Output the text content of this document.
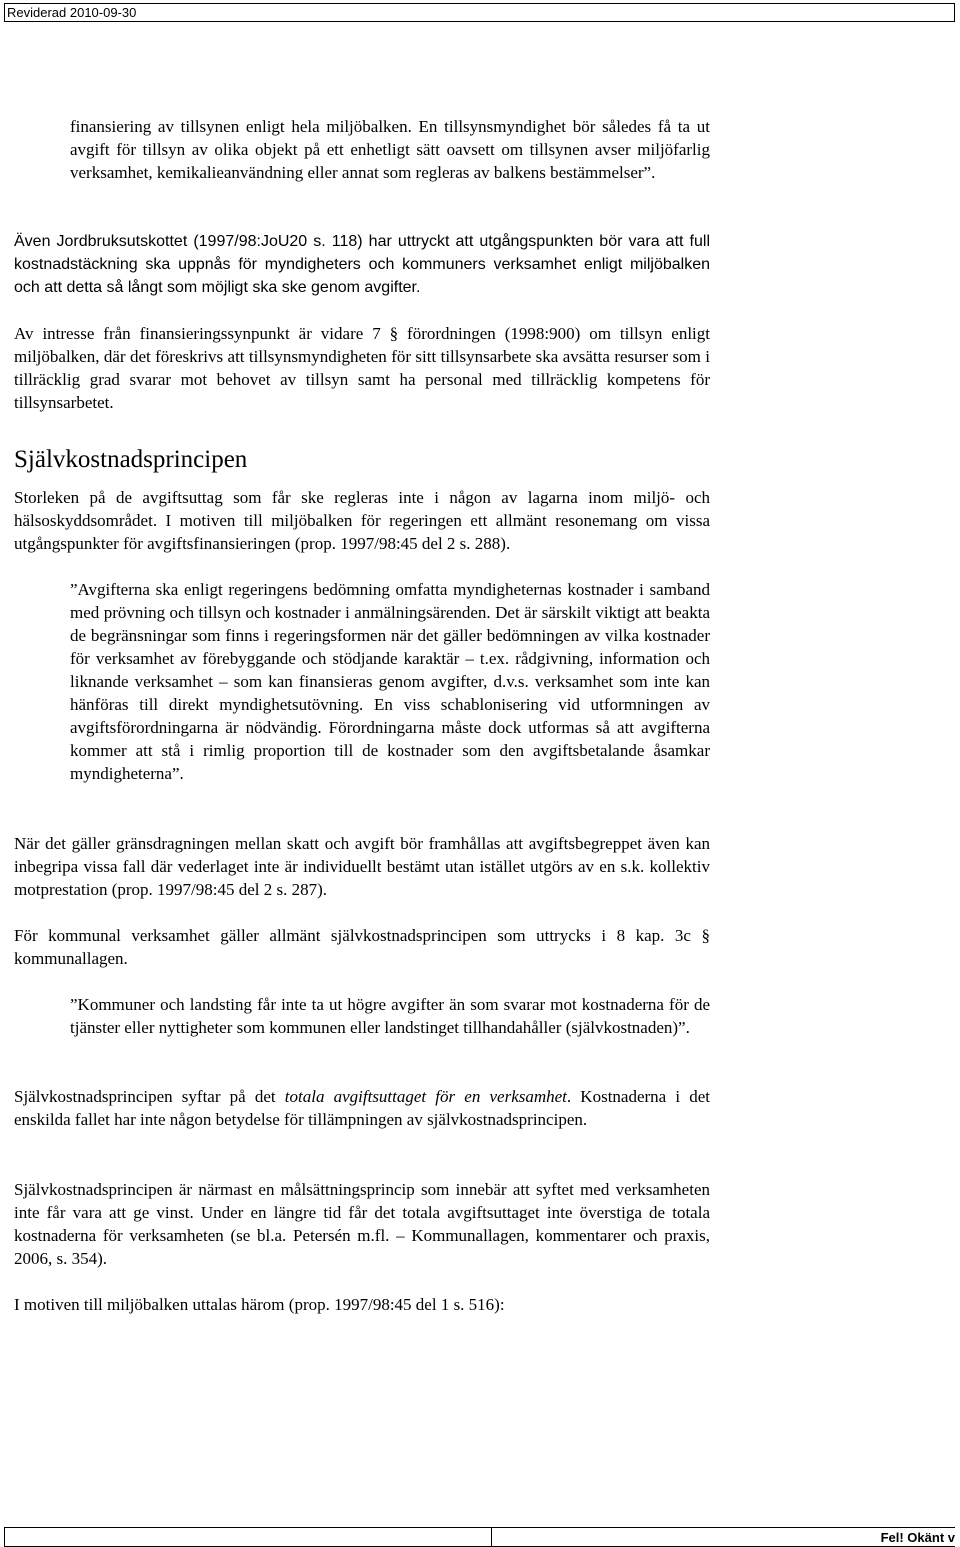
Reviderad 2010-09-30

finansiering av tillsynen enligt hela miljöbalken. En tillsynsmyndighet bör således få ta ut avgift för tillsyn av olika objekt på ett enhetligt sätt oavsett om tillsynen avser miljöfarlig verksamhet, kemikalieanvändning eller annat som regleras av balkens bestämmelser”.

Även Jordbruksutskottet (1997/98:JoU20 s. 118) har uttryckt att utgångspunkten bör vara att full kostnadstäckning ska uppnås för myndigheters och kommuners verksamhet enligt miljöbalken och att detta så långt som möjligt ska ske genom avgifter.

Av intresse från finansieringssynpunkt är vidare 7 § förordningen (1998:900) om tillsyn enligt miljöbalken, där det föreskrivs att tillsynsmyndigheten för sitt tillsynsarbete ska avsätta resurser som i tillräcklig grad svarar mot behovet av tillsyn samt ha personal med tillräcklig kompetens för tillsynsarbetet.

Självkostnadsprincipen

Storleken på de avgiftsuttag som får ske regleras inte i någon av lagarna inom miljö- och hälsoskyddsområdet. I motiven till miljöbalken för regeringen ett allmänt resonemang om vissa utgångspunkter för avgiftsfinansieringen (prop. 1997/98:45 del 2 s. 288).

”Avgifterna ska enligt regeringens bedömning omfatta myndigheternas kostnader i samband med prövning och tillsyn och kostnader i anmälningsärenden. Det är särskilt viktigt att beakta de begränsningar som finns i regeringsformen när det gäller bedömningen av vilka kostnader för verksamhet av förebyggande och stödjande karaktär – t.ex. rådgivning, information och liknande verksamhet – som kan finansieras genom avgifter, d.v.s. verksamhet som inte kan hänföras till direkt myndighetsutövning. En viss schablonisering vid utformningen av avgiftsförordningarna är nödvändig. Förordningarna måste dock utformas så att avgifterna kommer att stå i rimlig proportion till de kostnader som den avgiftsbetalande åsamkar myndigheterna”.

När det gäller gränsdragningen mellan skatt och avgift bör framhållas att avgiftsbegreppet även kan inbegripa vissa fall där vederlaget inte är individuellt bestämt utan istället utgörs av en s.k. kollektiv motprestation (prop. 1997/98:45 del 2 s. 287).

För kommunal verksamhet gäller allmänt självkostnadsprincipen som uttrycks i 8 kap. 3c § kommunallagen.

”Kommuner och landsting får inte ta ut högre avgifter än som svarar mot kostnaderna för de tjänster eller nyttigheter som kommunen eller landstinget tillhandahåller (självkostnaden)”.

Självkostnadsprincipen syftar på det totala avgiftsuttaget för en verksamhet. Kostnaderna i det enskilda fallet har inte någon betydelse för tillämpningen av självkostnadsprincipen.

Självkostnadsprincipen är närmast en målsättningsprincip som innebär att syftet med verksamheten inte får vara att ge vinst. Under en längre tid får det totala avgiftsuttaget inte överstiga de totala kostnaderna för verksamheten (se bl.a. Petersén m.fl. – Kommunallagen, kommentarer och praxis, 2006, s. 354).

I motiven till miljöbalken uttalas härom (prop. 1997/98:45 del 1 s. 516):

Fel! Okänt v
